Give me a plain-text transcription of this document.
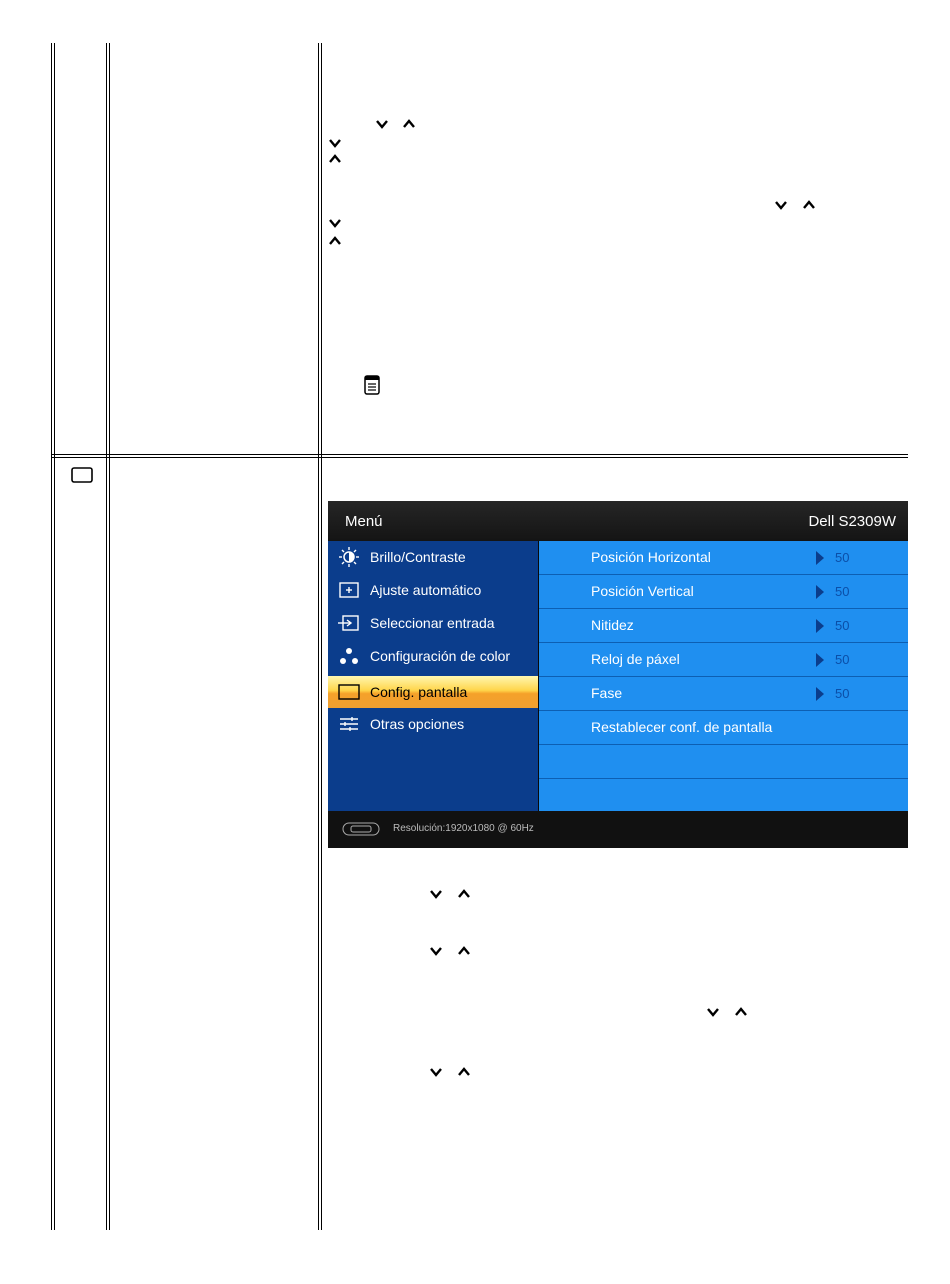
Menú	Dell S2309W
Brillo/Contraste
Ajuste automático
Seleccionar entrada
Configuración de color
Config. pantalla
Otras opciones
Posición Horizontal	50
Posición Vertical	50
Nitidez	50
Reloj de páxel	50
Fase	50
Restablecer conf. de pantalla
Resolución:1920x1080 @ 60Hz
